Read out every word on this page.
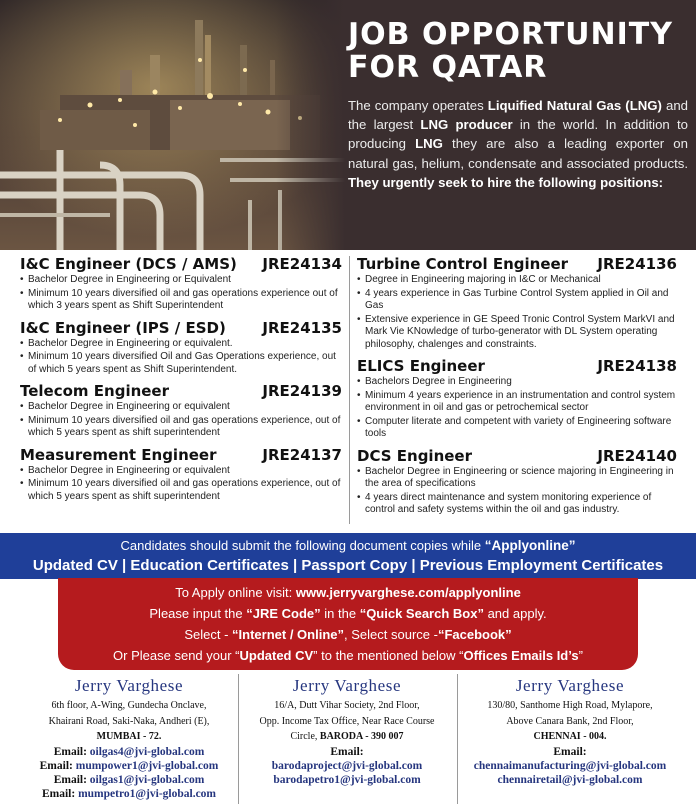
JOB OPPORTUNITY
FOR QATAR

The company operates Liquified Natural Gas (LNG) and the largest LNG producer in the world. In addition to producing LNG they are also a leading exporter on natural gas, helium, condensate and associated products. They urgently seek to hire the following positions:

I&C Engineer (DCS / AMS) JRE24134
• Bachelor Degree in Engineering or Equivalent
• Minimum 10 years diversified oil and gas operations experience out of which 3 years spent as Shift Superintendent
I&C Engineer (IPS / ESD) JRE24135
• Bachelor Degree in Engineering or equivalent.
• Minimum 10 years diversified Oil and Gas Operations experience, out of which 5 years spent as Shift Superintendent.
Telecom Engineer	JRE24139
• Bachelor Degree in Engineering or equivalent
• Minimum 10 years diversified oil and gas operations experience, out of which 5 years spent as shift superintendent
Measurement Engineer	JRE24137
• Bachelor Degree in Engineering or equivalent
• Minimum 10 years diversified oil and gas operations experience, out of which 5 years spent as shift superintendent
Turbine Control Engineer JRE24136
• Degree in Engineering majoring in I&C or Mechanical
• 4 years experience in Gas Turbine Control System applied in Oil and Gas
• Extensive experience in GE Speed Tronic Control System MarkVI and Mark Vie KNowledge of turbo-generator with DL System operating philosophy, chalenges and constraints.
ELICS Engineer	JRE24138
• Bachelors Degree in Engineering
• Minimum 4 years experience in an instrumentation and control system environment in oil and gas or petrochemical sector
• Computer literate and competent with variety of Engineering software tools
DCS Engineer	JRE24140
• Bachelor Degree in Engineering or science majoring in Engineering in the area of specifications
• 4 years direct maintenance and system monitoring experience of control and safety systems within the oil and gas industry.
Candidates should submit the following document copies while “Applyonline”
Updated CV | Education Certificates | Passport Copy | Previous Employment Certificates

To Apply online visit: www.jerryvarghese.com/applyonline

Please input the “JRE Code” in the “Quick Search Box” and apply.

Select - “Internet / Online”, Select source -“Facebook”

Or Please send your “Updated CV” to the mentioned below “Offices Emails Id’s”

Jerry Varghese
6th floor, A-Wing, Gundecha Onclave,
Khairani Road, Saki-Naka, Andheri (E),
MUMBAI - 72.
Email: oilgas4@jvi-global.com
Email: mumpower1@jvi-global.com
Email: oilgas1@jvi-global.com
Email: mumpetro1@jvi-global.com
Jerry Varghese
16/A, Dutt Vihar Society, 2nd Floor,
Opp. Income Tax Office, Near Race Course
Circle, BARODA - 390 007
Email:
barodaproject@jvi-global.com
barodapetro1@jvi-global.com
Jerry Varghese
130/80, Santhome High Road, Mylapore,
Above Canara Bank, 2nd Floor,
CHENNAI - 004.
Email:
chennaimanufacturing@jvi-global.com
chennairetail@jvi-global.com
